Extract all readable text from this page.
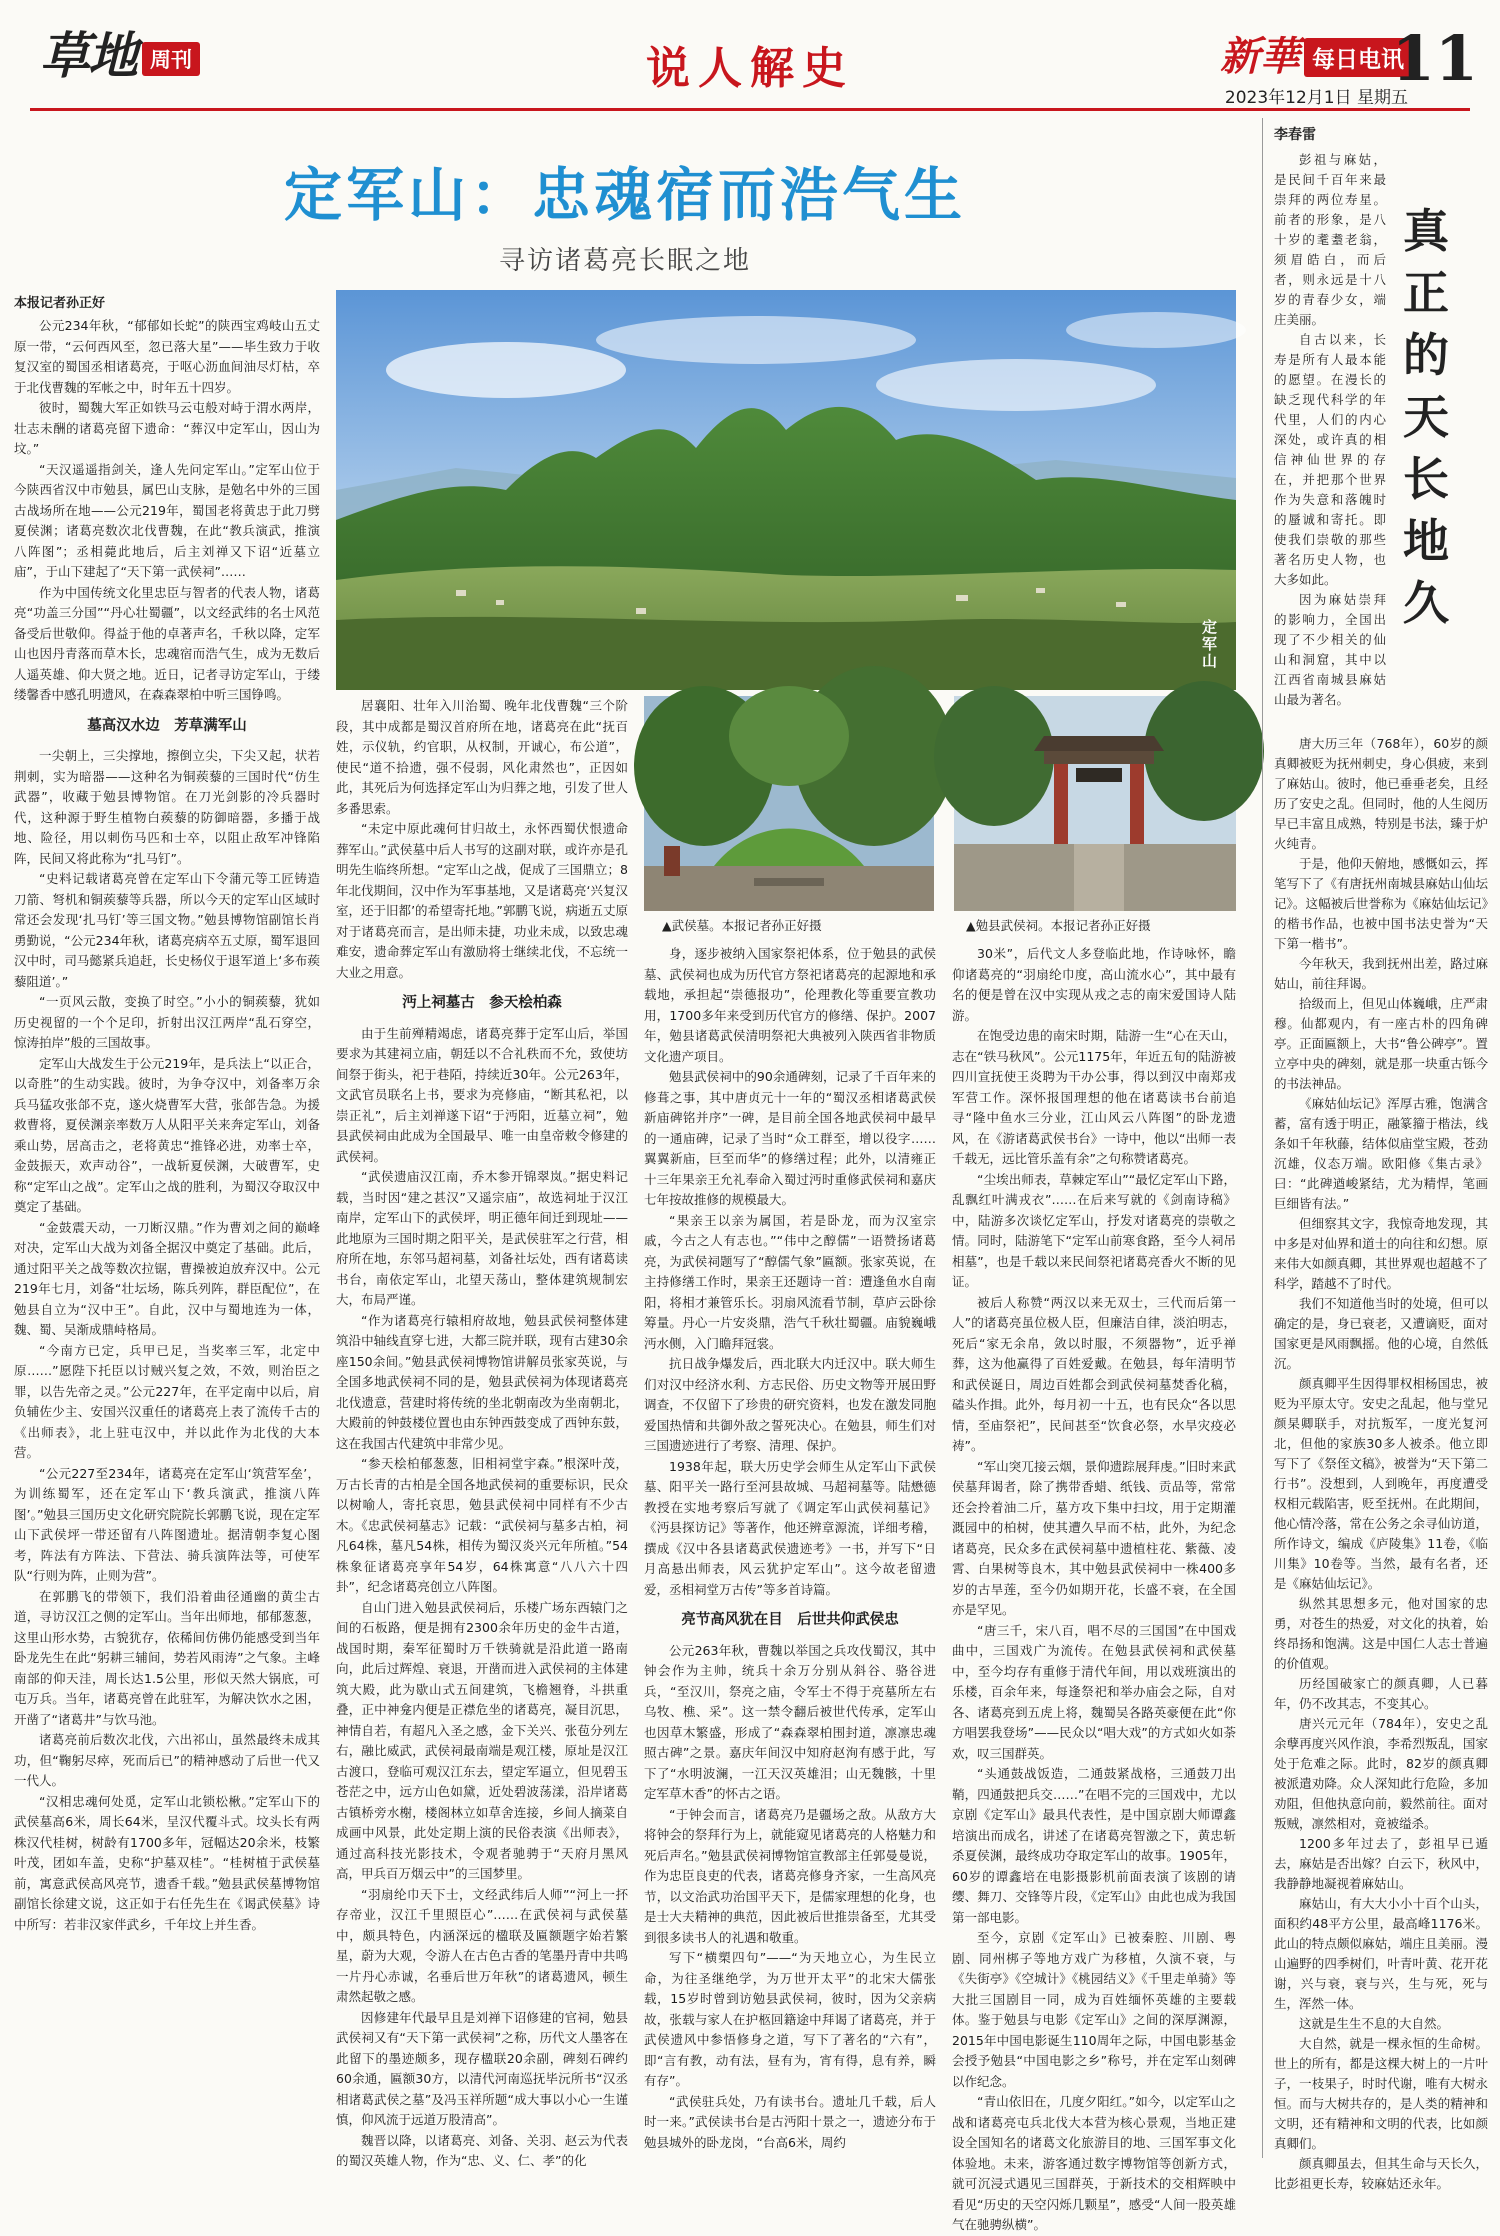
草地 周刊	说人解史	新華 每日电讯
11
2023年12月1日 星期五
定军山：忠魂宿而浩气生
寻访诸葛亮长眠之地
本报记者孙正好
定军山
▲武侯墓。本报记者孙正好摄	▲勉县武侯祠。本报记者孙正好摄

公元234年秋，“郁郁如长蛇”的陕西宝鸡岐山五丈原一带，“云何西风至，忽已落大星”——毕生致力于收复汉室的蜀国丞相诸葛亮，于呕心沥血间油尽灯枯，卒于北伐曹魏的军帐之中，时年五十四岁。

彼时，蜀魏大军正如铁马云屯般对峙于渭水两岸，壮志未酬的诸葛亮留下遗命：“葬汉中定军山，因山为坟。”

“天汉遥遥指剑关，逢人先问定军山。”定军山位于今陕西省汉中市勉县，属巴山支脉，是勉名中外的三国古战场所在地——公元219年，蜀国老将黄忠于此刀劈夏侯渊；诸葛亮数次北伐曹魏，在此“教兵演武，推演八阵图”；丞相薨此地后，后主刘禅又下诏“近墓立庙”，于山下建起了“天下第一武侯祠”……

作为中国传统文化里忠臣与智者的代表人物，诸葛亮“功盖三分国”“丹心壮蜀疆”，以文经武纬的名士风范备受后世敬仰。得益于他的卓著声名，千秋以降，定军山也因丹青落而草木长，忠魂宿而浩气生，成为无数后人遥英雄、仰大贤之地。近日，记者寻访定军山，于缕缕馨香中感孔明遗风，在森森翠柏中听三国铮鸣。

墓高汉水边　芳草满军山

一尖朝上，三尖撑地，擦倒立尖，下尖又起，状若荆刺，实为暗器——这种名为铜蒺藜的三国时代“仿生武器”，收藏于勉县博物馆。在刀光剑影的冷兵器时代，这种源于野生植物白蒺藜的防御暗器，多播于战地、险径，用以刺伤马匹和士卒，以阻止敌军冲锋陷阵，民间又将此称为“扎马钉”。

“史料记载诸葛亮曾在定军山下令蒲元等工匠铸造刀箭、弩机和铜蒺藜等兵器，所以今天的定军山区域时常还会发现‘扎马钉’等三国文物。”勉县博物馆副馆长肖勇勤说，“公元234年秋，诸葛亮病卒五丈原，蜀军退回汉中时，司马懿紧兵追赶，长史杨仪于退军道上‘多布蒺藜阻道’。”

“一页风云散，变换了时空。”小小的铜蒺藜，犹如历史视留的一个个足印，折射出汉江两岸“乱石穿空，惊涛拍岸”般的三国故事。

定军山大战发生于公元219年，是兵法上“以正合，以奇胜”的生动实践。彼时，为争夺汉中，刘备率万余兵马猛攻张郃不克，遂火烧曹军大营，张郃告急。为援救曹将，夏侯渊亲率数万人从阳平关来奔定军山，刘备乘山势，居高击之，老将黄忠“推锋必进，劝率士卒，金鼓振天，欢声动谷”，一战斩夏侯渊，大破曹军，史称“定军山之战”。定军山之战的胜利，为蜀汉夺取汉中奠定了基础。

“金鼓震天动，一刀断汉鼎。”作为曹刘之间的巅峰对决，定军山大战为刘备全据汉中奠定了基础。此后，通过阳平关之战等数次拉锯，曹操被迫放弃汉中。公元219年七月，刘备“壮坛场，陈兵列阵，群臣配位”，在勉县自立为“汉中王”。自此，汉中与蜀地连为一体，魏、蜀、吴渐成鼎峙格局。

“今南方已定，兵甲已足，当奖率三军，北定中原……”愿陛下托臣以讨贼兴复之效，不效，则治臣之罪，以告先帝之灵。”公元227年，在平定南中以后，肩负辅佐少主、安国兴汉重任的诸葛亮上表了流传千古的《出师表》，北上驻屯汉中，并以此作为北伐的大本营。

“公元227至234年，诸葛亮在定军山‘筑营军垒’，为训练蜀军，还在定军山下‘教兵演武，推演八阵图’。”勉县三国历史文化研究院院长郭鹏飞说，现在定军山下武侯坪一带还留有八阵图遗址。据清朝李复心图考，阵法有方阵法、下营法、骑兵演阵法等，可使军队“行则为阵，止则为营”。

在郭鹏飞的带领下，我们沿着曲径通幽的黄尘古道，寻访汉江之侧的定军山。当年出师地，郁郁葱葱，这里山形水势，古貌犹存，依稀间仿佛仍能感受到当年卧龙先生在此“躬耕三辅间，势若风雨涛”之气象。主峰南部的仰天洼，周长达1.5公里，形似天然大锅底，可屯万兵。当年，诸葛亮曾在此驻军，为解决饮水之困，开凿了“诸葛井”与饮马池。

诸葛亮前后数次北伐，六出祁山，虽然最终未成其功，但“鞠躬尽瘁，死而后已”的精神感动了后世一代又一代人。

“汉相忠魂何处觅，定军山北锁松楸。”定军山下的武侯墓高6米，周长64米，呈汉代覆斗式。坟头长有两株汉代桂树，树龄有1700多年，冠幅达20余米，枝繁叶茂，团如车盖，史称“护墓双桂”。“桂树植于武侯墓前，寓意武侯高风亮节，遗香千载。”勉县武侯墓博物馆副馆长徐建文说，这正如于右任先生在《谒武侯墓》诗中所写：若非汉家伴武乡，千年坟上并生香。

居襄阳、壮年入川治蜀、晚年北伐曹魏“三个阶段，其中成都是蜀汉首府所在地，诸葛亮在此“抚百姓，示仪轨，约官职，从权制，开诚心，布公道”，使民“道不拾遗，强不侵弱，风化肃然也”，正因如此，其死后为何选择定军山为归葬之地，引发了世人多番思索。

“未定中原此魂何甘归故土，永怀西蜀伏恨遗命葬军山。”武侯墓中后人书写的这副对联，或许亦是孔明先生临终所想。“定军山之战，促成了三国鼎立；8年北伐期间，汉中作为军事基地，又是诸葛亮‘兴复汉室，还于旧都’的希望寄托地。”郭鹏飞说，病逝五丈原对于诸葛亮而言，是出师未捷，功业未成，以致忠魂难安，遗命葬定军山有激励将士继续北伐，不忘统一大业之用意。

沔上祠墓古　参天桧柏森

由于生前殚精竭虑，诸葛亮葬于定军山后，举国要求为其建祠立庙，朝廷以不合礼秩而不允，致使坊间祭于街头，祀于巷陌，持续近30年。公元263年，文武官员联名上书，要求为亮修庙，“断其私祀，以崇正礼”，后主刘禅遂下诏“于沔阳，近墓立祠”，勉县武侯祠由此成为全国最早、唯一由皇帝敕令修建的武侯祠。

“武侯遗庙汉江南，乔木参开锦翠岚。”据史料记载，当时因“建之甚汉”又遥宗庙”，故选祠址于汉江南岸，定军山下的武侯坪，明正德年间迁到现址——此地原为三国时期之阳平关，是武侯驻军之行营，相府所在地，东邻马超祠墓，刘备社坛处，西有诸葛读书台，南依定军山，北望天荡山，整体建筑规制宏大，布局严谨。

“作为诸葛亮行辕相府故地，勉县武侯祠整体建筑沿中轴线直穿七进，大都三院并联，现有古建30余座150余间。”勉县武侯祠博物馆讲解员张家英说，与全国多地武侯祠不同的是，勉县武侯祠为体现诸葛亮北伐遗意，营建时将传统的坐北朝南改为坐南朝北，大殿前的钟鼓楼位置也由东钟西鼓变成了西钟东鼓，这在我国古代建筑中非常少见。

“参天桧柏郁葱葱，旧相祠堂宇森。”根深叶茂，万古长青的古柏是全国各地武侯祠的重要标识，民众以树喻人，寄托哀思，勉县武侯祠中同样有不少古木。《忠武侯祠墓志》记载：“武侯祠与墓多古柏，祠凡64株，墓凡54株，相传为蜀汉炎兴元年所植。”54株象征诸葛亮享年54岁，64株寓意“八八六十四卦”，纪念诸葛亮创立八阵图。

自山门进入勉县武侯祠后，乐楼广场东西辕门之间的石板路，便是拥有2300余年历史的金牛古道，战国时期，秦军征蜀时万千铁骑就是沿此道一路南向，此后过辉煌、衰退，开凿而进入武侯祠的主体建筑大殿，此为歇山式五间建筑，飞檐翘脊，斗拱重叠，正中神龛内便是正襟危坐的诸葛亮，凝目沉思，神情自若，有超凡入圣之感，金下关兴、张苞分列左右，融比威武，武侯祠最南端是观江楼，原址是汉江古渡口，登临可观汉江东去，望定军逼立，但见碧玉苍茫之中，远方山色如黛，近处碧波荡漾，沿岸诸葛古镇桥旁水榭，楼阁林立如草舍连接，乡间人摘菜自成画中风景，此处定期上演的民俗表演《出师表》，通过高科技光影技术，令观者驰骋于“天府月黑风高，甲兵百万烟云中”的三国梦里。

“羽扇纶巾天下士，文经武纬后人师”“河上一抔存帝业，汉江千里照臣心”……在武侯祠与武侯墓中，颇具特色，内涵深远的楹联及匾额题字始若繁星，蔚为大观，令游人在古色古香的笔墨丹青中共鸣一片丹心赤诚，名垂后世万年秋”的诸葛遗风，顿生肃然起敬之感。

因修建年代最早且是刘禅下诏修建的官祠，勉县武侯祠又有“天下第一武侯祠”之称，历代文人墨客在此留下的墨迹颇多，现存楹联20余副，碑刻石碑约60余通，匾额30方，以清代河南巡抚毕沅所书“汉丞相诸葛武侯之墓”及冯玉祥所题“成大事以小心一生谨慎，仰风流于远道万股清高”。

魏晋以降，以诸葛亮、刘备、关羽、赵云为代表的蜀汉英雄人物，作为“忠、义、仁、孝”的化

身，逐步被纳入国家祭祀体系，位于勉县的武侯墓、武侯祠也成为历代官方祭祀诸葛亮的起源地和承载地，承担起“崇德报功”，伦理教化等重要宣教功用，1700多年来受到历代官方的修缮、保护。2007年，勉县诸葛武侯清明祭祀大典被列入陕西省非物质文化遗产项目。

勉县武侯祠中的90余通碑刻，记录了千百年来的修葺之事，其中唐贞元十一年的“蜀汉丞相诸葛武侯新庙碑铭并序”一碑，是目前全国各地武侯祠中最早的一通庙碑，记录了当时“众工群至，增以役字……翼翼新庙，巨至而华”的修缮过程；此外，以清雍正十三年果亲王允礼奉命入蜀过沔时重修武侯祠和嘉庆七年按故推修的规模最大。

“果亲王以亲为属国，若是卧龙，而为汉室宗戚，今古之人有志也。”“伟中之醇儒”一语赞扬诸葛亮，为武侯祠题写了“醇儒气象”匾额。张家英说，在主持修缮工作时，果亲王还题诗一首：遭逢鱼水自南阳，将相才兼管乐长。羽扇风流看节制，草庐云卧徐筹量。丹心一片安炎鼎，浩气千秋壮蜀疆。庙貌巍峨沔水侧，入门瞻拜冠裳。

抗日战争爆发后，西北联大内迁汉中。联大师生们对汉中经济水利、方志民俗、历史文物等开展田野调查，不仅留下了珍贵的研究资料，也发在激发同胞爱国热情和共御外敌之誓死决心。在勉县，师生们对三国遗迹进行了考察、清理、保护。

1938年起，联大历史学会师生从定军山下武侯墓、阳平关一路行至河县故城、马超祠墓等。陆懋德教授在实地考察后写就了《调定军山武侯祠墓记》《沔县探访记》等著作，他还辨章源流，详细考稽，撰成《汉中各县诸葛武侯遗迹考》一书，并写下“日月高悬出师表，风云犹护定军山”。这今故老留遗爱，丞相祠堂万古传”等多首诗篇。

亮节高风犹在目　后世共仰武侯忠

公元263年秋，曹魏以举国之兵攻伐蜀汉，其中钟会作为主帅，统兵十余万分别从斜谷、骆谷进兵，“至汉川，祭亮之庙，令军士不得于亮墓所左右乌牧、樵、采”。这一禁令翻后被世代传承，定军山也因草木繁盛，形成了“森森翠柏围封道，凛凛忠魂照古碑”之景。嘉庆年间汉中知府赵洵有感于此，写下了“水明波澜，一江天汉英雄泪；山无魏骸，十里定军草木香”的怀古之语。

“于钟会而言，诸葛亮乃是疆场之敌。从敌方大将钟会的祭拜行为上，就能窥见诸葛亮的人格魅力和死后声名。”勉县武侯祠博物馆宣教部主任郭曼曼说，作为忠臣良吏的代表，诸葛亮修身齐家，一生高风亮节，以文治武功治国平天下，是儒家理想的化身，也是士大夫精神的典范，因此被后世推崇备至，尤其受到很多读书人的礼遇和敬重。

写下“横槊四句”——“为天地立心，为生民立命，为往圣继绝学，为万世开太平”的北宋大儒张载，15岁时曾到访勉县武侯祠，彼时，因为父亲病故，张载与家人在护柩回籍途中拜谒了诸葛亮，并于武侯遗风中参悟修身之道，写下了著名的“六有”，即“言有教，动有法，昼有为，宵有得，息有养，瞬有存”。

“武侯驻兵处，乃有读书台。遗址几千载，后人时一来。”武侯读书台是古沔阳十景之一，遗迹分布于勉县城外的卧龙岗，“台高6米，周约

30米”，后代文人多登临此地，作诗咏怀，瞻仰诸葛亮的“羽扇纶巾度，高山流水心”，其中最有名的便是曾在汉中实现从戎之志的南宋爱国诗人陆游。

在饱受边患的南宋时期，陆游一生“心在天山，志在“铁马秋风”。公元1175年，年近五旬的陆游被四川宣抚使王炎聘为干办公事，得以到汉中南郑戎军营工作。深怀报国理想的他在诸葛读书台前追寻“隆中鱼水三分业，江山风云八阵图”的卧龙遗风，在《游诸葛武侯书台》一诗中，他以“出师一表千载无，远比管乐盖有余”之句称赞诸葛亮。

“尘埃出师表，草棘定军山”“最忆定军山下路，乱飘红叶满戎衣”……在后来写就的《剑南诗稿》中，陆游多次谈忆定军山，抒发对诸葛亮的崇敬之情。同时，陆游笔下“定军山前寒食路，至今人祠吊相墓”，也是千载以来民间祭祀诸葛亮香火不断的见证。

被后人称赞“两汉以来无双士，三代而后第一人”的诸葛亮虽位极人臣，但廉洁自律，淡泊明志，死后“家无余帛，敛以时服，不须器物”，近乎禅葬，这为他赢得了百姓爱戴。在勉县，每年清明节和武侯诞日，周边百姓都会到武侯祠墓焚香化稿，磕头作揖。此外，每月初一十五，也有民众“各以思情，至庙祭祀”，民间甚至“饮食必祭，水旱灾疫必祷”。

“军山突兀接云烟，景仰遗踪展拜虔。”旧时来武侯墓拜谒者，除了携带香蜡、纸钱、贡品等，常常还会拎着油二斤，墓方攻下集中扫坟，用于定期灌溉园中的柏树，使其遭久早而不枯，此外，为纪念诸葛亮，民众多在武侯祠墓中遗植柱花、紫薇、凌霄、白果树等良木，其中勉县武侯祠中一株400多岁的古旱莲，至今仍如期开花，长盛不衰，在全国亦是罕见。

“唐三千，宋八百，唱不尽的三国国”在中国戏曲中，三国戏广为流传。在勉县武侯祠和武侯墓中，至今均存有重修于清代年间，用以戏班演出的乐楼，百余年来，每逢祭祀和举办庙会之际，自对各、诸葛亮到五虎上将，魏蜀吴各路英豪便在此“你方唱罢我登场”——民众以“唱大戏”的方式如火如荼欢，叹三国群英。

“头通鼓战饭造，二通鼓紧战格，三通鼓刀出鞘，四通鼓把兵交……”在唱不完的三国戏中，尤以京剧《定军山》最具代表性，是中国京剧大师谭鑫培演出而成名，讲述了在诸葛亮智激之下，黄忠斩杀夏侯渊，最终成功夺取定军山的故事。1905年，60岁的谭鑫培在电影摄影机前面表演了该剧的请缨、舞刀、交锋等片段，《定军山》由此也成为我国第一部电影。

至今，京剧《定军山》已被秦腔、川剧、粤剧、同州梆子等地方戏广为移植，久演不衰，与《失街亭》《空城计》《桃园结义》《千里走单骑》等大批三国剧目一同，成为百姓缅怀英雄的主要载体。鉴于勉县与电影《定军山》之间的深厚渊源，2015年中国电影诞生110周年之际，中国电影基金会授予勉县“中国电影之乡”称号，并在定军山刻碑以作纪念。

“青山依旧在，几度夕阳红。”如今，以定军山之战和诸葛亮屯兵北伐大本营为核心景观，当地正建设全国知名的诸葛文化旅游目的地、三国军事文化体验地。未来，游客通过数字博物馆等创新方式，就可沉浸式遇见三国群英，于新技术的交相辉映中看见“历史的天空闪烁几颗星”，感受“人间一股英雄气在驰骋纵横”。

李春雷
真正的天长地久

彭祖与麻姑，是民间千百年来最崇拜的两位寿星。前者的形象，是八十岁的耄耋老翁，须眉皓白，而后者，则永远是十八岁的青春少女，端庄美丽。

自古以来，长寿是所有人最本能的愿望。在漫长的缺乏现代科学的年代里，人们的内心深处，或许真的相信神仙世界的存在，并把那个世界作为失意和落魄时的蜃诚和寄托。即使我们崇敬的那些著名历史人物，也大多如此。

因为麻姑崇拜的影响力，全国出现了不少相关的仙山和洞窟，其中以江西省南城县麻姑山最为著名。

唐大历三年（768年），60岁的颜真卿被贬为抚州刺史，身心俱疲，来到了麻姑山。彼时，他已垂垂老矣，且经历了安史之乱。但同时，他的人生阅历早已丰富且成熟，特别是书法，臻于炉火纯青。

于是，他仰天俯地，感慨如云，挥笔写下了《有唐抚州南城县麻姑山仙坛记》。这幅被后世誉称为《麻姑仙坛记》的楷书作品，也被中国书法史誉为“天下第一楷书”。

今年秋天，我到抚州出差，路过麻姑山，前往拜谒。

拾级而上，但见山体巍峨，庄严肃穆。仙都观内，有一座古朴的四角碑亭。正面匾额上，大书“鲁公碑亭”。置立亭中央的碑刻，就是那一块重古铄今的书法神品。

《麻姑仙坛记》浑厚古雅，饱满含蓄，富有透于明正，融篆籀于楷法，线条如千年秋藤，结体似庙堂宝殿，苍劲沉雄，仪态万端。欧阳修《集古录》曰：“此碑遒峻紧结，尤为精悍，笔画巨细皆有法。”

但细察其文字，我惊奇地发现，其中多是对仙界和道士的向往和幻想。原来伟大如颜真卿，其世界观也超越不了科学，踏越不了时代。

我们不知道他当时的处境，但可以确定的是，身已衰老，又遭谪贬，面对国家更是风雨飘摇。他的心境，自然低沉。

颜真卿平生因得罪权相杨国忠，被贬为平原太守。安史之乱起，他与堂兄颜杲卿联手，对抗叛军，一度光复河北，但他的家族30多人被杀。他立即写下了《祭侄文稿》，被誉为“天下第二行书”。没想到，人到晚年，再度遭受权相元载陷害，贬至抚州。在此期间，他心情冷落，常在公务之余寻仙访道，所作诗文，编成《庐陵集》11卷，《临川集》10卷等。当然，最有名者，还是《麻姑仙坛记》。

纵然其思想多元，他对国家的忠勇，对苍生的热爱，对文化的执着，始终昂扬和饱满。这是中国仁人志士普遍的价值观。

历经国破家亡的颜真卿，人已暮年，仍不改其志，不变其心。

唐兴元元年（784年），安史之乱余孽再度兴风作浪，李希烈叛乱，国家处于危难之际。此时，82岁的颜真卿被派遣劝降。众人深知此行危险，多加劝阻，但他执意向前，毅然前往。面对叛贼，凛然相对，竟被缢杀。

1200多年过去了，彭祖早已遁去，麻姑是否出嫁？白云下，秋风中，我静静地凝视着麻姑山。

麻姑山，有大大小小十百个山头，面积约48平方公里，最高峰1176米。此山的特点颇似麻姑，端庄且美丽。漫山遍野的四季树们，叶青叶黄、花开花谢，兴与衰，衰与兴，生与死，死与生，浑然一体。

这就是生生不息的大自然。

大自然，就是一棵永恒的生命树。世上的所有，都是这棵大树上的一片叶子，一枝果子，时时代谢，唯有大树永恒。而与大树共存的，是人类的精神和文明，还有精神和文明的代表，比如颜真卿们。

颜真卿虽去，但其生命与天长久，比彭祖更长寿，较麻姑还永年。
